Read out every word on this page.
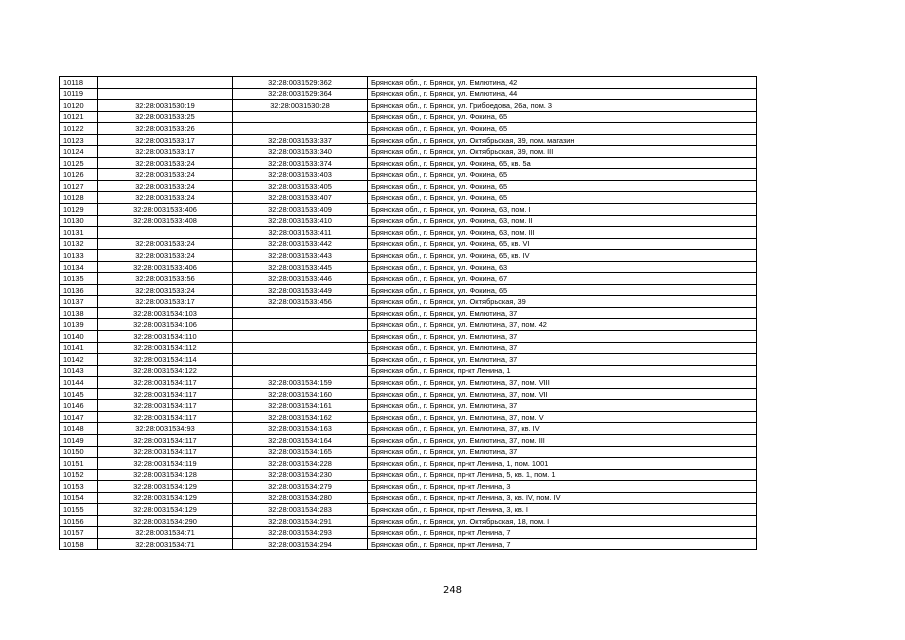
10118		32:28:0031529:362	Брянская обл., г. Брянск, ул. Емлютина, 42
10119		32:28:0031529:364	Брянская обл., г. Брянск, ул. Емлютина, 44
10120	32:28:0031530:19	32:28:0031530:28	Брянская обл., г. Брянск, ул. Грибоедова, 26а, пом. 3
10121	32:28:0031533:25		Брянская обл., г. Брянск, ул. Фокина, 65
10122	32:28:0031533:26		Брянская обл., г. Брянск, ул. Фокина, 65
10123	32:28:0031533:17	32:28:0031533:337	Брянская обл., г. Брянск, ул. Октябрьская, 39, пом. магазин
10124	32:28:0031533:17	32:28:0031533:340	Брянская обл., г. Брянск, ул. Октябрьская, 39, пом. III
10125	32:28:0031533:24	32:28:0031533:374	Брянская обл., г. Брянск, ул. Фокина, 65, кв. 5а
10126	32:28:0031533:24	32:28:0031533:403	Брянская обл., г. Брянск, ул. Фокина, 65
10127	32:28:0031533:24	32:28:0031533:405	Брянская обл., г. Брянск, ул. Фокина, 65
10128	32:28:0031533:24	32:28:0031533:407	Брянская обл., г. Брянск, ул. Фокина, 65
10129	32:28:0031533:406	32:28:0031533:409	Брянская обл., г. Брянск, ул. Фокина, 63, пом. I
10130	32:28:0031533:408	32:28:0031533:410	Брянская обл., г. Брянск, ул. Фокина, 63, пом. II
10131		32:28:0031533:411	Брянская обл., г. Брянск, ул. Фокина, 63, пом. III
10132	32:28:0031533:24	32:28:0031533:442	Брянская обл., г. Брянск, ул. Фокина, 65, кв. VI
10133	32:28:0031533:24	32:28:0031533:443	Брянская обл., г. Брянск, ул. Фокина, 65, кв. IV
10134	32:28:0031533:406	32:28:0031533:445	Брянская обл., г. Брянск, ул. Фокина, 63
10135	32:28:0031533:56	32:28:0031533:446	Брянская обл., г. Брянск, ул. Фокина, 67
10136	32:28:0031533:24	32:28:0031533:449	Брянская обл., г. Брянск, ул. Фокина, 65
10137	32:28:0031533:17	32:28:0031533:456	Брянская обл., г. Брянск, ул. Октябрьская, 39
10138	32:28:0031534:103		Брянская обл., г. Брянск, ул. Емлютина, 37
10139	32:28:0031534:106		Брянская обл., г. Брянск, ул. Емлютина, 37, пом. 42
10140	32:28:0031534:110		Брянская обл., г. Брянск, ул. Емлютина, 37
10141	32:28:0031534:112		Брянская обл., г. Брянск, ул. Емлютина, 37
10142	32:28:0031534:114		Брянская обл., г. Брянск, ул. Емлютина, 37
10143	32:28:0031534:122		Брянская обл., г. Брянск, пр-кт Ленина, 1
10144	32:28:0031534:117	32:28:0031534:159	Брянская обл., г. Брянск, ул. Емлютина, 37, пом. VIII
10145	32:28:0031534:117	32:28:0031534:160	Брянская обл., г. Брянск, ул. Емлютина, 37, пом. VII
10146	32:28:0031534:117	32:28:0031534:161	Брянская обл., г. Брянск, ул. Емлютина, 37
10147	32:28:0031534:117	32:28:0031534:162	Брянская обл., г. Брянск, ул. Емлютина, 37, пом. V
10148	32:28:0031534:93	32:28:0031534:163	Брянская обл., г. Брянск, ул. Емлютина, 37, кв. IV
10149	32:28:0031534:117	32:28:0031534:164	Брянская обл., г. Брянск, ул. Емлютина, 37, пом. III
10150	32:28:0031534:117	32:28:0031534:165	Брянская обл., г. Брянск, ул. Емлютина, 37
10151	32:28:0031534:119	32:28:0031534:228	Брянская обл., г. Брянск, пр-кт Ленина, 1, пом. 1001
10152	32:28:0031534:128	32:28:0031534:230	Брянская обл., г. Брянск, пр-кт Ленина, 5, кв. 1, пом. 1
10153	32:28:0031534:129	32:28:0031534:279	Брянская обл., г. Брянск, пр-кт Ленина, 3
10154	32:28:0031534:129	32:28:0031534:280	Брянская обл., г. Брянск, пр-кт Ленина, 3, кв. IV, пом. IV
10155	32:28:0031534:129	32:28:0031534:283	Брянская обл., г. Брянск, пр-кт Ленина, 3, кв. I
10156	32:28:0031534:290	32:28:0031534:291	Брянская обл., г. Брянск, ул. Октябрьская, 18, пом. I
10157	32:28:0031534:71	32:28:0031534:293	Брянская обл., г. Брянск, пр-кт Ленина, 7
10158	32:28:0031534:71	32:28:0031534:294	Брянская обл., г. Брянск, пр-кт Ленина, 7
248
